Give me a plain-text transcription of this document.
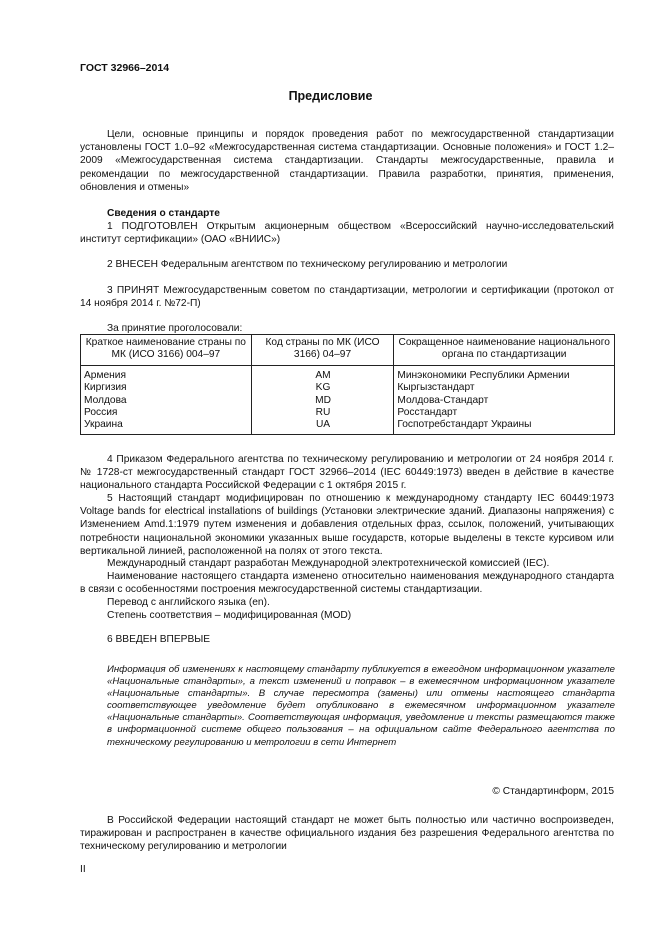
ГОСТ 32966–2014
Предисловие
Цели, основные принципы и порядок проведения работ по межгосударственной стандартизации установлены ГОСТ 1.0–92 «Межгосударственная система стандартизации. Основные положения» и ГОСТ 1.2–2009 «Межгосударственная система стандартизации. Стандарты межгосударственные, правила и рекомендации по межгосударственной стандартизации. Правила разработки, принятия, применения, обновления и отмены»
Сведения о стандарте
1 ПОДГОТОВЛЕН Открытым акционерным обществом «Всероссийский научно-исследовательский институт сертификации» (ОАО «ВНИИС»)
2 ВНЕСЕН Федеральным агентством по техническому регулированию и метрологии
3 ПРИНЯТ Межгосударственным советом по стандартизации, метрологии и сертификации (протокол от 14 ноября 2014 г. №72-П)
За принятие проголосовали:
Краткое наименование страны по МК (ИСО 3166) 004–97	Код страны по МК (ИСО 3166) 04–97	Сокращенное наименование национального органа по стандартизации
Армения	AM	Минэкономики Республики Армении
Киргизия	KG	Кыргызстандарт
Молдова	MD	Молдова-Стандарт
Россия	RU	Росстандарт
Украина	UA	Госпотребстандарт Украины
4 Приказом Федерального агентства по техническому регулированию и метрологии от 24 ноября 2014 г. № 1728-ст межгосударственный стандарт ГОСТ 32966–2014 (IEC 60449:1973) введен в действие в качестве национального стандарта Российской Федерации с 1 октября 2015 г.
5 Настоящий стандарт модифицирован по отношению к международному стандарту IEC 60449:1973 Voltage bands for electrical installations of buildings (Установки электрические зданий. Диапазоны напряжения) с Изменением Amd.1:1979 путем изменения и добавления отдельных фраз, ссылок, положений, учитывающих потребности национальной экономики указанных выше государств, которые выделены в тексте курсивом или вертикальной линией, расположенной на полях от этого текста.
Международный стандарт разработан Международной электротехнической комиссией (IEC).
Наименование настоящего стандарта изменено относительно наименования международного стандарта в связи с особенностями построения межгосударственной системы стандартизации.
Перевод с английского языка (en).
Степень соответствия – модифицированная (MOD)
6 ВВЕДЕН ВПЕРВЫЕ
Информация об изменениях к настоящему стандарту публикуется в ежегодном информационном указателе «Национальные стандарты», а текст изменений и поправок – в ежемесячном информационном указателе «Национальные стандарты». В случае пересмотра (замены) или отмены настоящего стандарта соответствующее уведомление будет опубликовано в ежемесячном информационном указателе «Национальные стандарты». Соответствующая информация, уведомление и тексты размещаются также в информационной системе общего пользования – на официальном сайте Федерального агентства по техническому регулированию и метрологии в сети Интернет
© Стандартинформ, 2015
В Российской Федерации настоящий стандарт не может быть полностью или частично воспроизведен, тиражирован и распространен в качестве официального издания без разрешения Федерального агентства по техническому регулированию и метрологии
II
